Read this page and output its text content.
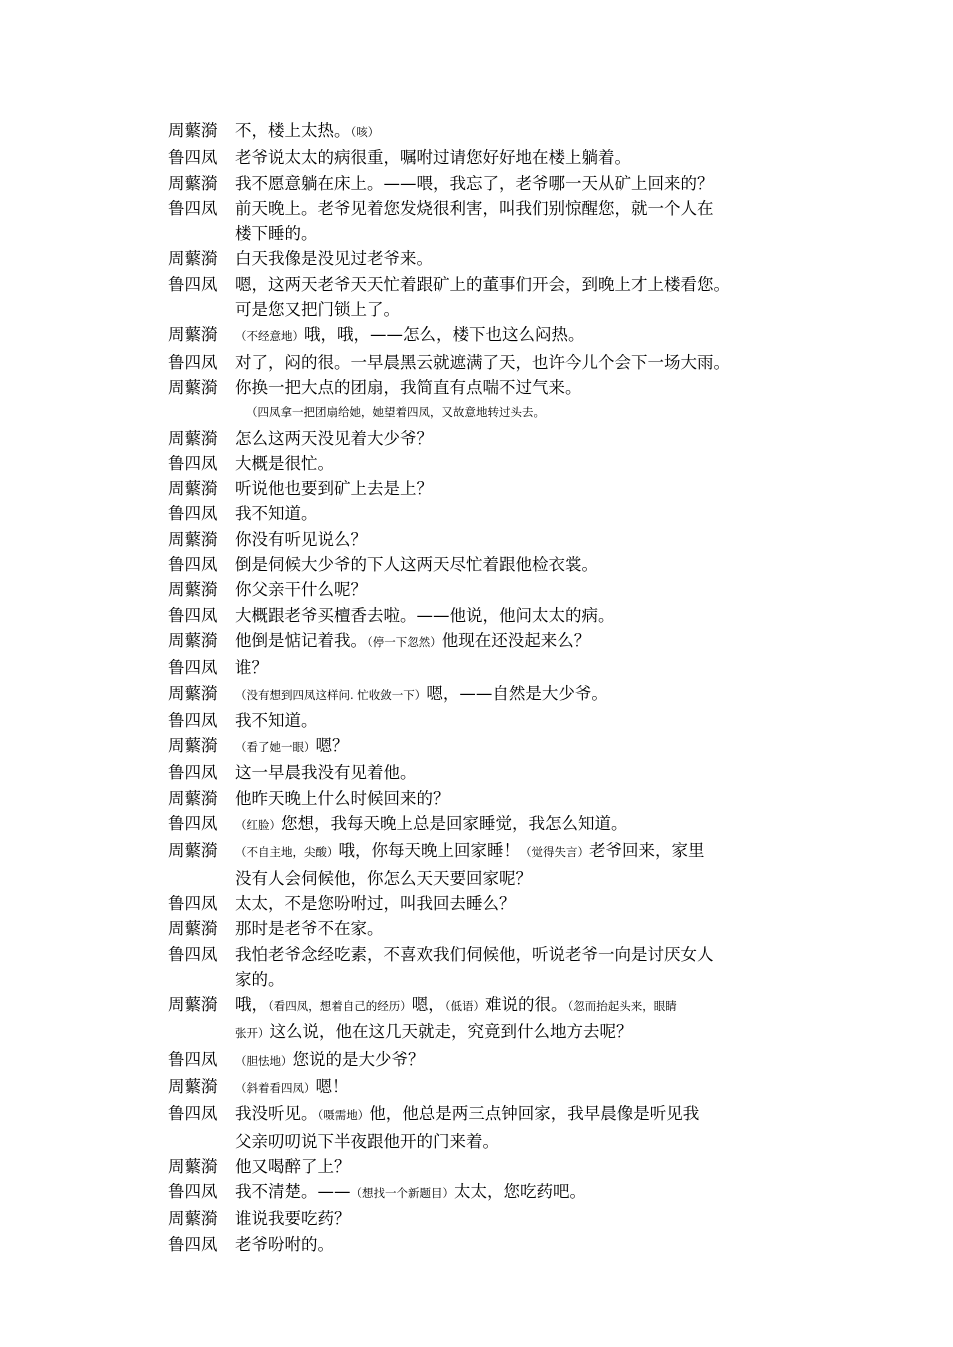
周蘩漪	不，楼上太热。（咳）
鲁四凤	老爷说太太的病很重，嘱咐过请您好好地在楼上躺着。
周蘩漪	我不愿意躺在床上。——喂，我忘了，老爷哪一天从矿上回来的？
鲁四凤	前天晚上。老爷见着您发烧很利害，叫我们别惊醒您，就一个人在
楼下睡的。
周蘩漪	白天我像是没见过老爷来。
鲁四凤	嗯，这两天老爷天天忙着跟矿上的董事们开会，到晚上才上楼看您。
可是您又把门锁上了。
周蘩漪	（不经意地）哦，哦，——怎么，楼下也这么闷热。
鲁四凤	对了，闷的很。一早晨黑云就遮满了天，也许今儿个会下一场大雨。
周蘩漪	你换一把大点的团扇，我简直有点喘不过气来。
（四凤拿一把团扇给她，她望着四凤，又故意地转过头去。
周蘩漪	怎么这两天没见着大少爷？
鲁四凤	大概是很忙。
周蘩漪	听说他也要到矿上去是上？
鲁四凤	我不知道。
周蘩漪	你没有听见说么？
鲁四凤	倒是伺候大少爷的下人这两天尽忙着跟他检衣裳。
周蘩漪	你父亲干什么呢？
鲁四凤	大概跟老爷买檀香去啦。——他说，他问太太的病。
周蘩漪	他倒是惦记着我。（停一下忽然）他现在还没起来么？
鲁四凤	谁？
周蘩漪	（没有想到四凤这样问. 忙收敛一下）嗯，——自然是大少爷。
鲁四凤	我不知道。
周蘩漪	（看了她一眼）嗯？
鲁四凤	这一早晨我没有见着他。
周蘩漪	他昨天晚上什么时候回来的？
鲁四凤	（红脸）您想，我每天晚上总是回家睡觉，我怎么知道。
周蘩漪	（不自主地，尖酸）哦，你每天晚上回家睡！（觉得失言）老爷回来，家里
没有人会伺候他，你怎么天天要回家呢？
鲁四凤	太太，不是您吩咐过，叫我回去睡么？
周蘩漪	那时是老爷不在家。
鲁四凤	我怕老爷念经吃素，不喜欢我们伺候他，听说老爷一向是讨厌女人
家的。
周蘩漪	哦，（看四凤，想着自己的经历）嗯，（低语）难说的很。（忽而抬起头来，眼睛
张开）这么说，他在这几天就走，究竟到什么地方去呢？
鲁四凤	（胆怯地）您说的是大少爷？
周蘩漪	（斜着看四凤）嗯！
鲁四凤	我没听见。（嗫需地）他，他总是两三点钟回家，我早晨像是听见我
父亲叨叨说下半夜跟他开的门来着。
周蘩漪	他又喝醉了上？
鲁四凤	我不清楚。——（想找一个新题目）太太，您吃药吧。
周蘩漪	谁说我要吃药？
鲁四凤	老爷吩咐的。
